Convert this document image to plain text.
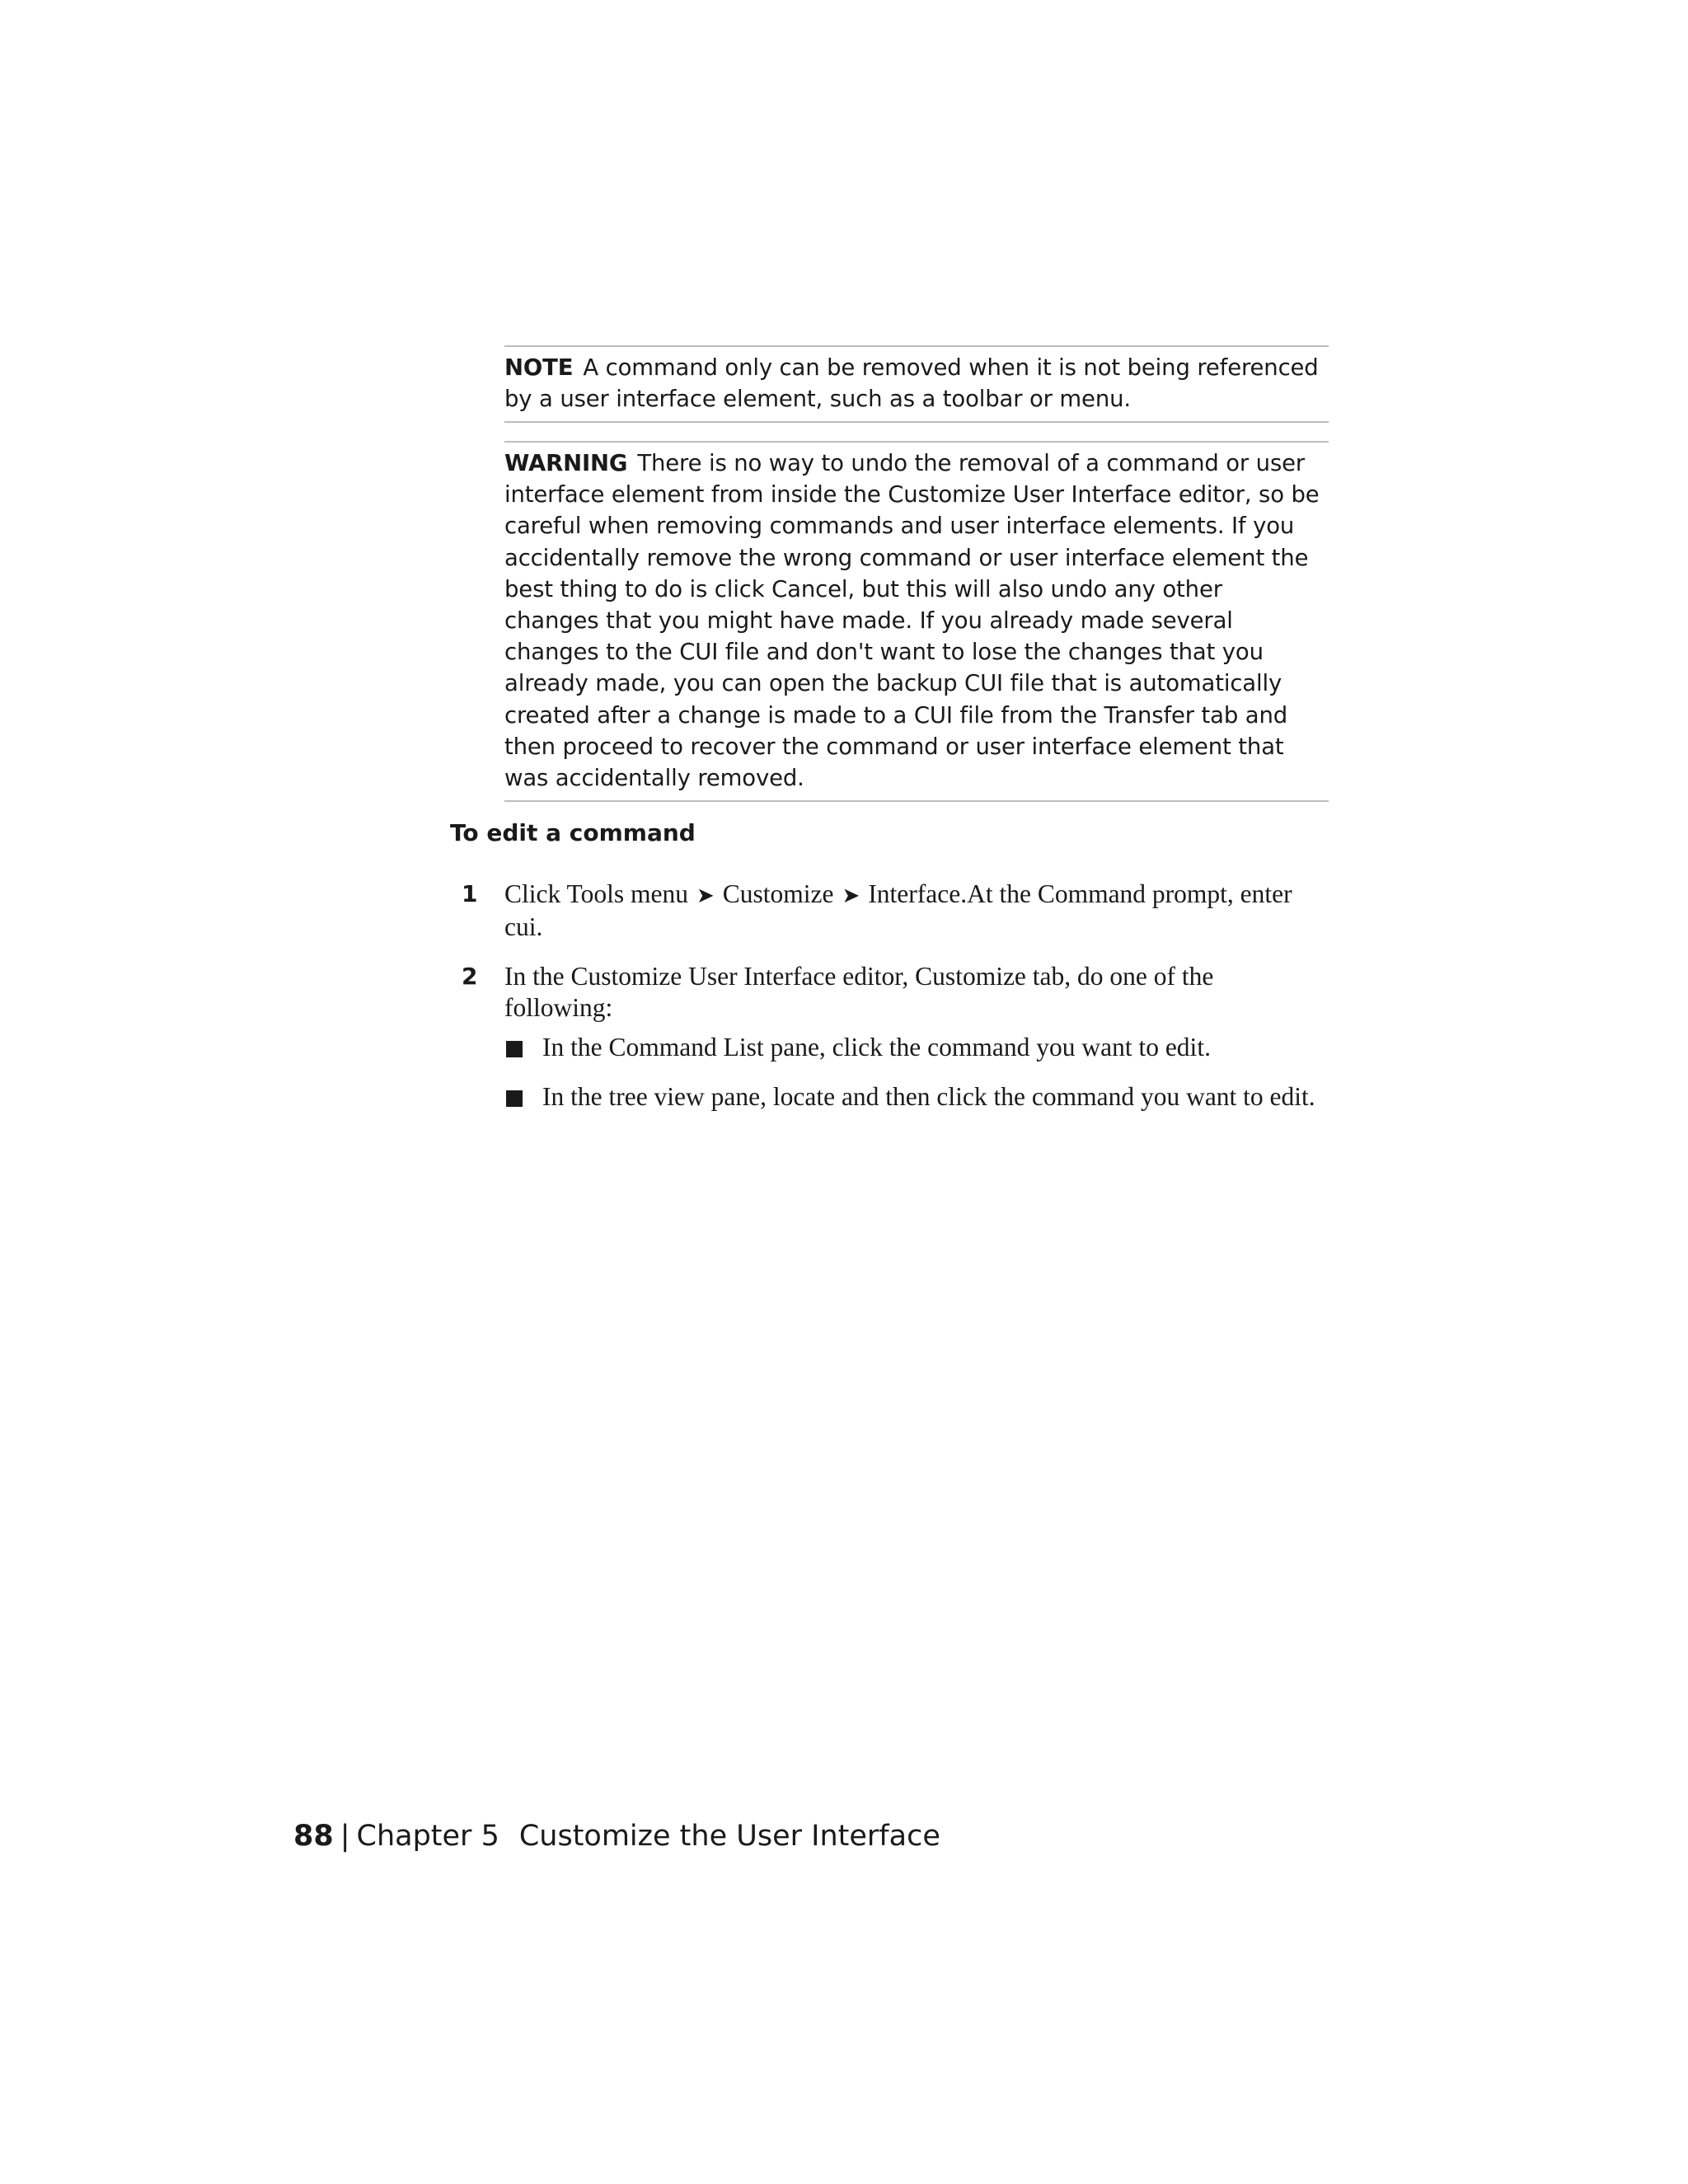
NOTE A command only can be removed when it is not being referenced by a user interface element, such as a toolbar or menu.
WARNING There is no way to undo the removal of a command or user interface element from inside the Customize User Interface editor, so be careful when removing commands and user interface elements. If you accidentally remove the wrong command or user interface element the best thing to do is click Cancel, but this will also undo any other changes that you might have made. If you already made several changes to the CUI file and don't want to lose the changes that you already made, you can open the backup CUI file that is automatically created after a change is made to a CUI file from the Transfer tab and then proceed to recover the command or user interface element that was accidentally removed.
To edit a command
1 Click Tools menu ➤ Customize ➤ Interface.At the Command prompt, enter cui.
2 In the Customize User Interface editor, Customize tab, do one of the following:
In the Command List pane, click the command you want to edit.
In the tree view pane, locate and then click the command you want to edit.
88 | Chapter 5 Customize the User Interface
